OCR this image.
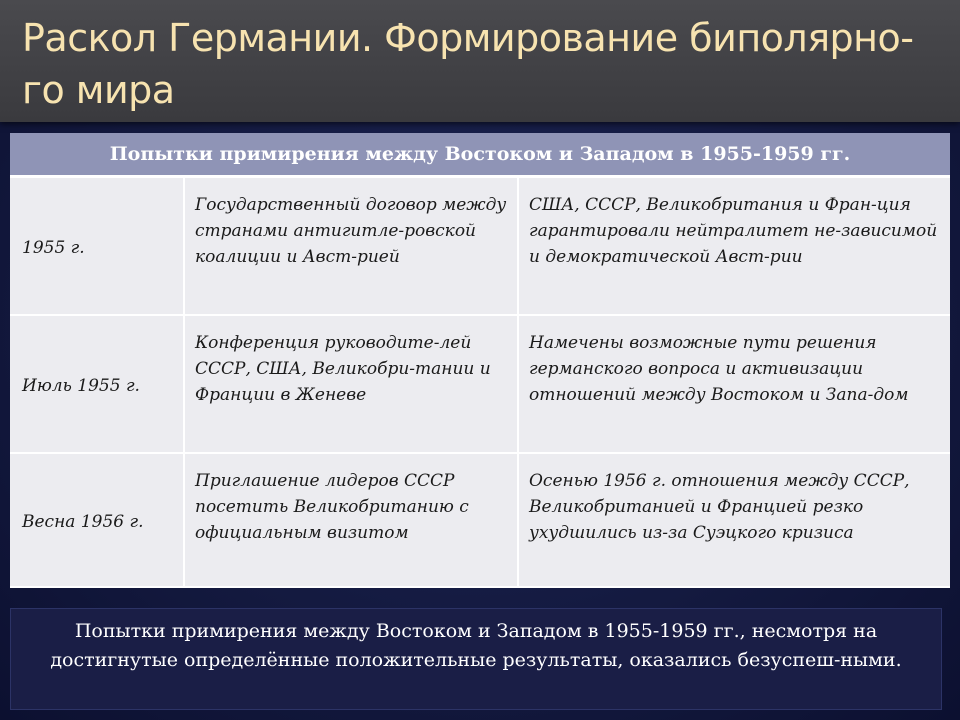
Раскол Германии. Формирование биполярно-
го мира
Попытки примирения между Востоком и Западом в 1955-1959 гг.		
1955 г.	Государственный договор между странами антигитле-ровской коалиции и Авст-рией	США, СССР, Великобритания и Фран-ция гарантировали нейтралитет не-зависимой и демократической Авст-рии
Июль 1955 г.	Конференция руководите-лей СССР, США, Великобри-тании и Франции в Женеве	Намечены возможные пути решения германского вопроса и активизации отношений между Востоком и Запа-дом
Весна 1956 г.	Приглашение лидеров СССР посетить Великобританию с официальным визитом	Осенью 1956 г. отношения между СССР, Великобританией и Францией резко ухудшились из-за Суэцкого кризиса
Попытки примирения между Востоком и Западом в 1955-1959 гг., несмотря на достигнутые определённые положительные результаты, оказались безуспеш-ными.
